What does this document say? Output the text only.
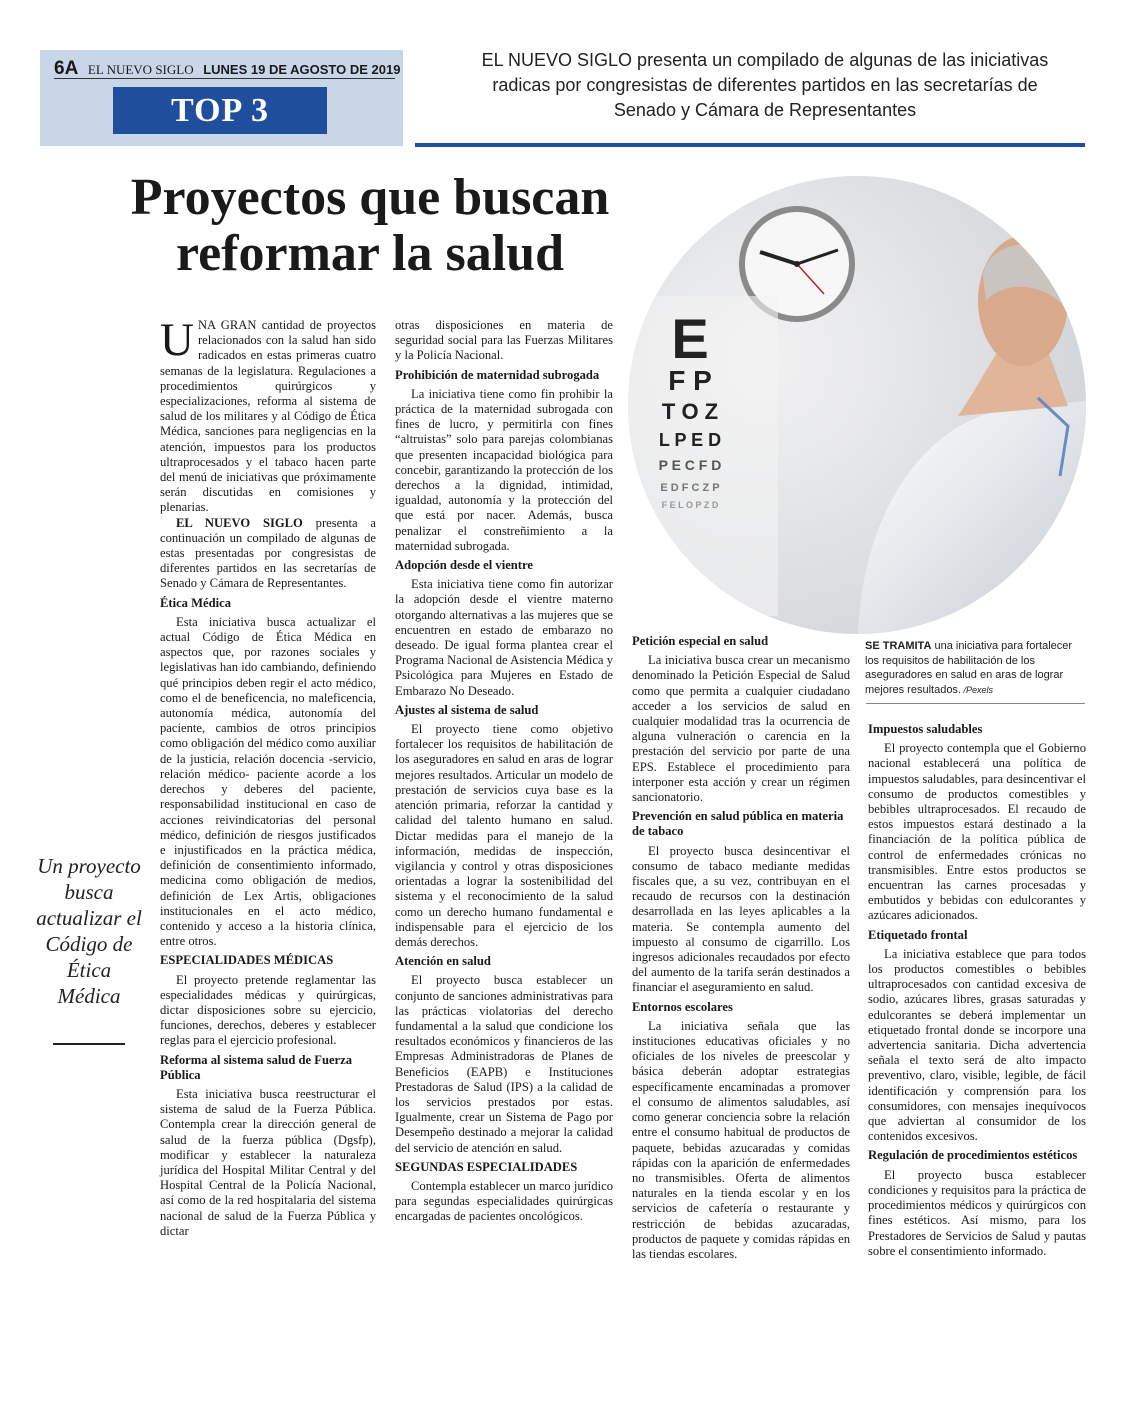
6A EL NUEVO SIGLO LUNES 19 DE AGOSTO DE 2019
TOP 3
EL NUEVO SIGLO presenta un compilado de algunas de las iniciativas radicas por congresistas de diferentes partidos en las secretarías de Senado y Cámara de Representantes
Proyectos que buscan reformar la salud
E
F P
T O Z
L P E D
P E C F D
E D F C Z P
F E L O P Z D
SE TRAMITA una iniciativa para fortalecer los requisitos de habilitación de los aseguradores en salud en aras de lograr mejores resultados. /Pexels
Un proyecto busca actualizar el Código de Ética Médica

UNA GRAN cantidad de proyectos relacionados con la salud han sido radicados en estas primeras cuatro semanas de la legislatura. Regulaciones a procedimientos quirúrgicos y especializaciones, reforma al sistema de salud de los militares y al Código de Ética Médica, sanciones para negligencias en la atención, impuestos para los productos ultraprocesados y el tabaco hacen parte del menú de iniciativas que próximamente serán discutidas en comisiones y plenarias.

EL NUEVO SIGLO presenta a continuación un compilado de algunas de estas presentadas por congresistas de diferentes partidos en las secretarías de Senado y Cámara de Representantes.

Ética Médica

Esta iniciativa busca actualizar el actual Código de Ética Médica en aspectos que, por razones sociales y legislativas han ido cambiando, definiendo qué principios deben regir el acto médico, como el de beneficencia, no maleficencia, autonomía médica, autonomía del paciente, cambios de otros principios como obligación del médico como auxiliar de la justicia, relación docencia -servicio, relación médico- paciente acorde a los derechos y deberes del paciente, responsabilidad institucional en caso de acciones reivindicatorias del personal médico, definición de riesgos justificados e injustificados en la práctica médica, definición de consentimiento informado, medicina como obligación de medios, definición de Lex Artis, obligaciones institucionales en el acto médico, contenido y acceso a la historia clínica, entre otros.

ESPECIALIDADES MÉDICAS

El proyecto pretende reglamentar las especialidades médicas y quirúrgicas, dictar disposiciones sobre su ejercicio, funciones, derechos, deberes y establecer reglas para el ejercicio profesional.

Reforma al sistema salud de Fuerza Pública

Esta iniciativa busca reestructurar el sistema de salud de la Fuerza Pública. Contempla crear la dirección general de salud de la fuerza pública (Dgsfp), modificar y establecer la naturaleza jurídica del Hospital Militar Central y del Hospital Central de la Policía Nacional, así como de la red hospitalaria del sistema nacional de salud de la Fuerza Pública y dictar

otras disposiciones en materia de seguridad social para las Fuerzas Militares y la Policía Nacional.

Prohibición de maternidad subrogada

La iniciativa tiene como fin prohibir la práctica de la maternidad subrogada con fines de lucro, y permitirla con fines “altruistas” solo para parejas colombianas que presenten incapacidad biológica para concebir, garantizando la protección de los derechos a la dignidad, intimidad, igualdad, autonomía y la protección del que está por nacer. Además, busca penalizar el constreñimiento a la maternidad subrogada.

Adopción desde el vientre

Esta iniciativa tiene como fin autorizar la adopción desde el vientre materno otorgando alternativas a las mujeres que se encuentren en estado de embarazo no deseado. De igual forma plantea crear el Programa Nacional de Asistencia Médica y Psicológica para Mujeres en Estado de Embarazo No Deseado.

Ajustes al sistema de salud

El proyecto tiene como objetivo fortalecer los requisitos de habilitación de los aseguradores en salud en aras de lograr mejores resultados. Articular un modelo de prestación de servicios cuya base es la atención primaria, reforzar la cantidad y calidad del talento humano en salud. Dictar medidas para el manejo de la información, medidas de inspección, vigilancia y control y otras disposiciones orientadas a lograr la sostenibilidad del sistema y el reconocimiento de la salud como un derecho humano fundamental e indispensable para el ejercicio de los demás derechos.

Atención en salud

El proyecto busca establecer un conjunto de sanciones administrativas para las prácticas violatorias del derecho fundamental a la salud que condicione los resultados económicos y financieros de las Empresas Administradoras de Planes de Beneficios (EAPB) e Instituciones Prestadoras de Salud (IPS) a la calidad de los servicios prestados por estas. Igualmente, crear un Sistema de Pago por Desempeño destinado a mejorar la calidad del servicio de atención en salud.

SEGUNDAS ESPECIALIDADES

Contempla establecer un marco jurídico para segundas especialidades quirúrgicas encargadas de pacientes oncológicos.

Petición especial en salud

La iniciativa busca crear un mecanismo denominado la Petición Especial de Salud como que permita a cualquier ciudadano acceder a los servicios de salud en cualquier modalidad tras la ocurrencia de alguna vulneración o carencia en la prestación del servicio por parte de una EPS. Establece el procedimiento para interponer esta acción y crear un régimen sancionatorio.

Prevención en salud pública en materia de tabaco

El proyecto busca desincentivar el consumo de tabaco mediante medidas fiscales que, a su vez, contribuyan en el recaudo de recursos con la destinación desarrollada en las leyes aplicables a la materia. Se contempla aumento del impuesto al consumo de cigarrillo. Los ingresos adicionales recaudados por efecto del aumento de la tarifa serán destinados a financiar el aseguramiento en salud.

Entornos escolares

La iniciativa señala que las instituciones educativas oficiales y no oficiales de los niveles de preescolar y básica deberán adoptar estrategias específicamente encaminadas a promover el consumo de alimentos saludables, así como generar conciencia sobre la relación entre el consumo habitual de productos de paquete, bebidas azucaradas y comidas rápidas con la aparición de enfermedades no transmisibles. Oferta de alimentos naturales en la tienda escolar y en los servicios de cafetería o restaurante y restricción de bebidas azucaradas, productos de paquete y comidas rápidas en las tiendas escolares.

Impuestos saludables

El proyecto contempla que el Gobierno nacional establecerá una política de impuestos saludables, para desincentivar el consumo de productos comestibles y bebibles ultraprocesados. El recaudo de estos impuestos estará destinado a la financiación de la política pública de control de enfermedades crónicas no transmisibles. Entre estos productos se encuentran las carnes procesadas y embutidos y bebidas con edulcorantes y azúcares adicionados.

Etiquetado frontal

La iniciativa establece que para todos los productos comestibles o bebibles ultraprocesados con cantidad excesiva de sodio, azúcares libres, grasas saturadas y edulcorantes se deberá implementar un etiquetado frontal donde se incorpore una advertencia sanitaria. Dicha advertencia señala el texto será de alto impacto preventivo, claro, visible, legible, de fácil identificación y comprensión para los consumidores, con mensajes inequívocos que adviertan al consumidor de los contenidos excesivos.

Regulación de procedimientos estéticos

El proyecto busca establecer condiciones y requisitos para la práctica de procedimientos médicos y quirúrgicos con fines estéticos. Así mismo, para los Prestadores de Servicios de Salud y pautas sobre el consentimiento informado.
